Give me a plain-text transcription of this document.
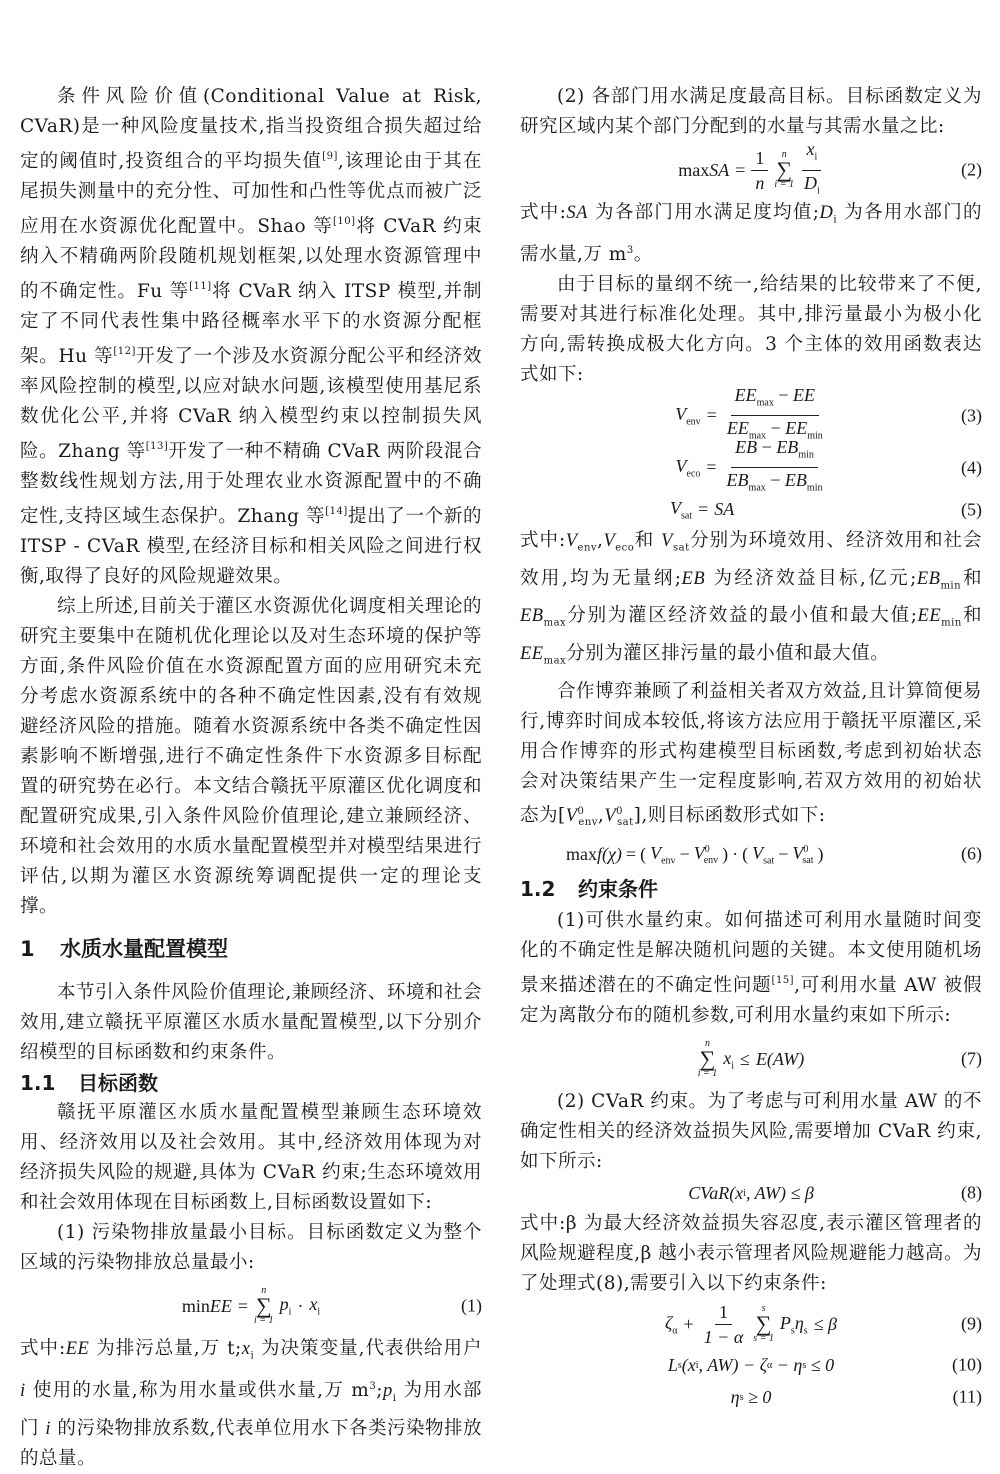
条件风险价值(Conditional Value at Risk, CVaR)是一种风险度量技术,指当投资组合损失超过给定的阈值时,投资组合的平均损失值[9],该理论由于其在尾损失测量中的充分性、可加性和凸性等优点而被广泛应用在水资源优化配置中。Shao 等[10]将 CVaR 约束纳入不精确两阶段随机规划框架,以处理水资源管理中的不确定性。Fu 等[11]将 CVaR 纳入 ITSP 模型,并制定了不同代表性集中路径概率水平下的水资源分配框架。Hu 等[12]开发了一个涉及水资源分配公平和经济效率风险控制的模型,以应对缺水问题,该模型使用基尼系数优化公平,并将 CVaR 纳入模型约束以控制损失风险。Zhang 等[13]开发了一种不精确 CVaR 两阶段混合整数线性规划方法,用于处理农业水资源配置中的不确定性,支持区域生态保护。Zhang 等[14]提出了一个新的 ITSP - CVaR 模型,在经济目标和相关风险之间进行权衡,取得了良好的风险规避效果。

综上所述,目前关于灌区水资源优化调度相关理论的研究主要集中在随机优化理论以及对生态环境的保护等方面,条件风险价值在水资源配置方面的应用研究未充分考虑水资源系统中的各种不确定性因素,没有有效规避经济风险的措施。随着水资源系统中各类不确定性因素影响不断增强,进行不确定性条件下水资源多目标配置的研究势在必行。本文结合赣抚平原灌区优化调度和配置研究成果,引入条件风险价值理论,建立兼顾经济、环境和社会效用的水质水量配置模型并对模型结果进行评估,以期为灌区水资源统筹调配提供一定的理论支撑。

1 水质水量配置模型

本节引入条件风险价值理论,兼顾经济、环境和社会效用,建立赣抚平原灌区水质水量配置模型,以下分别介绍模型的目标函数和约束条件。

1.1 目标函数

赣抚平原灌区水质水量配置模型兼顾生态环境效用、经济效用以及社会效用。其中,经济效用体现为对经济损失风险的规避,具体为 CVaR 约束;生态环境效用和社会效用体现在目标函数上,目标函数设置如下:

(1) 污染物排放量最小目标。目标函数定义为整个区域的污染物排放总量最小:

min EE =
n
∑
i = 1
$p_i \cdot x_i$	(1)

式中:EE 为排污总量,万 $t;x_i$ 为决策变量,代表供给用户 i 使用的水量,称为用水量或供水量,万 $m^3;p_i$ 为用水部门 i 的污染物排放系数,代表单位用水下各类污染物排放的总量。

(2) 各部门用水满足度最高目标。目标函数定义为研究区域内某个部门分配到的水量与其需水量之比:

max SA = $\frac{1}{n}$ n
∑
$i = 1 \frac{x_i}{D_i}$	(2)

式中:SA 为各部门用水满足度均值$;D_i$ 为各用水部门的需水量,万 $m^3$。

由于目标的量纲不统一,给结果的比较带来了不便,需要对其进行标准化处理。其中,排污量最小为极小化方向,需转换成极大化方向。3 个主体的效用函数表达式如下:

$V_{env} = \frac{EE_{max} - EE}{EE_{max} - EE_{min}}$	(3)
$V_{eco} = \frac{EB - EB_{min}}{EB_{max} - EB_{min}}$	(4)
$V_{sat}$ = SA	(5)

式中$:V_{env},V_{eco}$和 $V_{sat}$分别为环境效用、经济效用和社会效用,均为无量纲;EB 为经济效益目标,亿元$;EB_{min}$和 $EB_{max}$分别为灌区经济效益的最小值和最大值$;EE_{min}$和 $EE_{max}$分别为灌区排污量的最小值和最大值。

合作博弈兼顾了利益相关者双方效益,且计算简便易行,博弈时间成本较低,将该方法应用于赣抚平原灌区,采用合作博弈的形式构建模型目标函数,考虑到初始状态会对决策结果产生一定程度影响,若双方效用的初始状态为$[V^0_{env},V^0_{sat}]$,则目标函数形式如下:

max f(χ) = ( $V_{env} - V^0_{env}$ ) · ( $V_{sat} - V^0_{sat}$ )	(6)
1.2 约束条件

(1)可供水量约束。如何描述可利用水量随时间变化的不确定性是解决随机问题的关键。本文使用随机场景来描述潜在的不确定性问题[15],可利用水量 AW 被假定为离散分布的随机参数,可利用水量约束如下所示:

n
∑
i = 1
$x_i \le E(AW)$	(7)

(2) CVaR 约束。为了考虑与可利用水量 AW 的不确定性相关的经济效益损失风险,需要增加 CVaR 约束,如下所示:

CVaR(x i , AW) ≤ β	(8)

式中:β 为最大经济效益损失容忍度,表示灌区管理者的风险规避程度,β 越小表示管理者风险规避能力越高。为了处理式(8),需要引入以下约束条件:

$\zeta_\alpha + \frac{1}{1 - \alpha}$ s
∑
s = 1
$P_s\eta_s \le \beta$	(9)
L s (x i , AW) − ζ α − η s ≤ 0	(10)
η s ≥ 0	(11)
